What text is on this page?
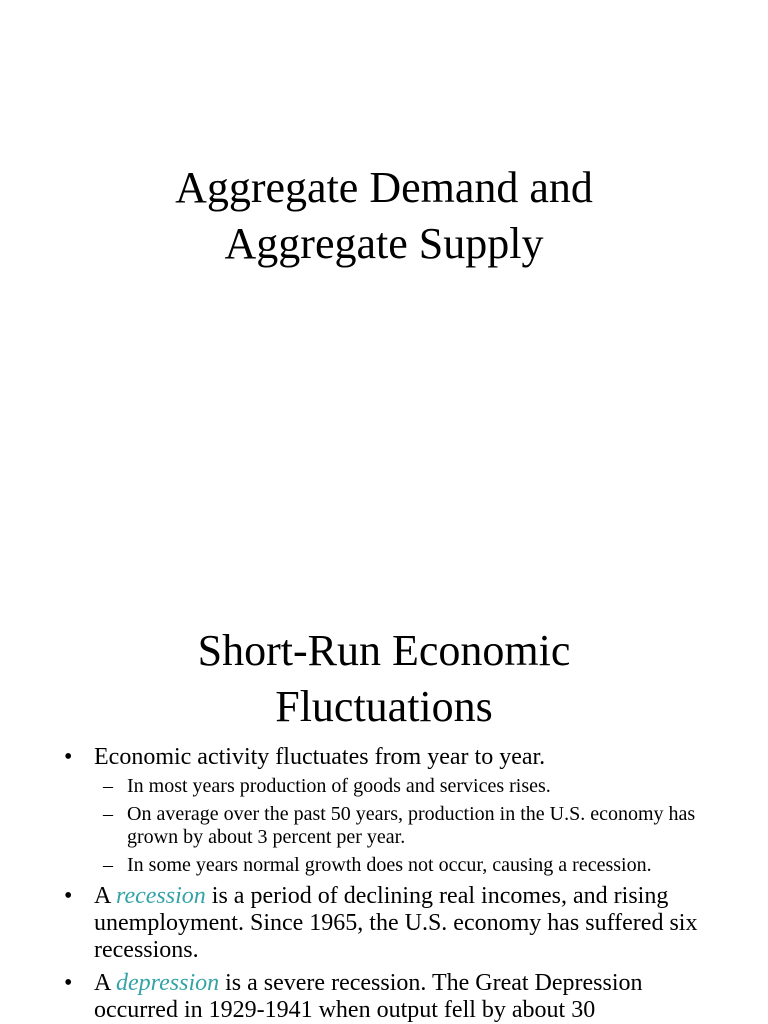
Aggregate Demand and
Aggregate Supply
Short-Run Economic
Fluctuations
• Economic activity fluctuates from year to year.
– In most years production of goods and services rises.
– On average over the past 50 years, production in the U.S. economy has grown by about 3 percent per year.
– In some years normal growth does not occur, causing a recession.
• A recession is a period of declining real incomes, and rising unemployment. Since 1965, the U.S. economy has suffered six recessions.
• A depression is a severe recession. The Great Depression occurred in 1929-1941 when output fell by about 30
